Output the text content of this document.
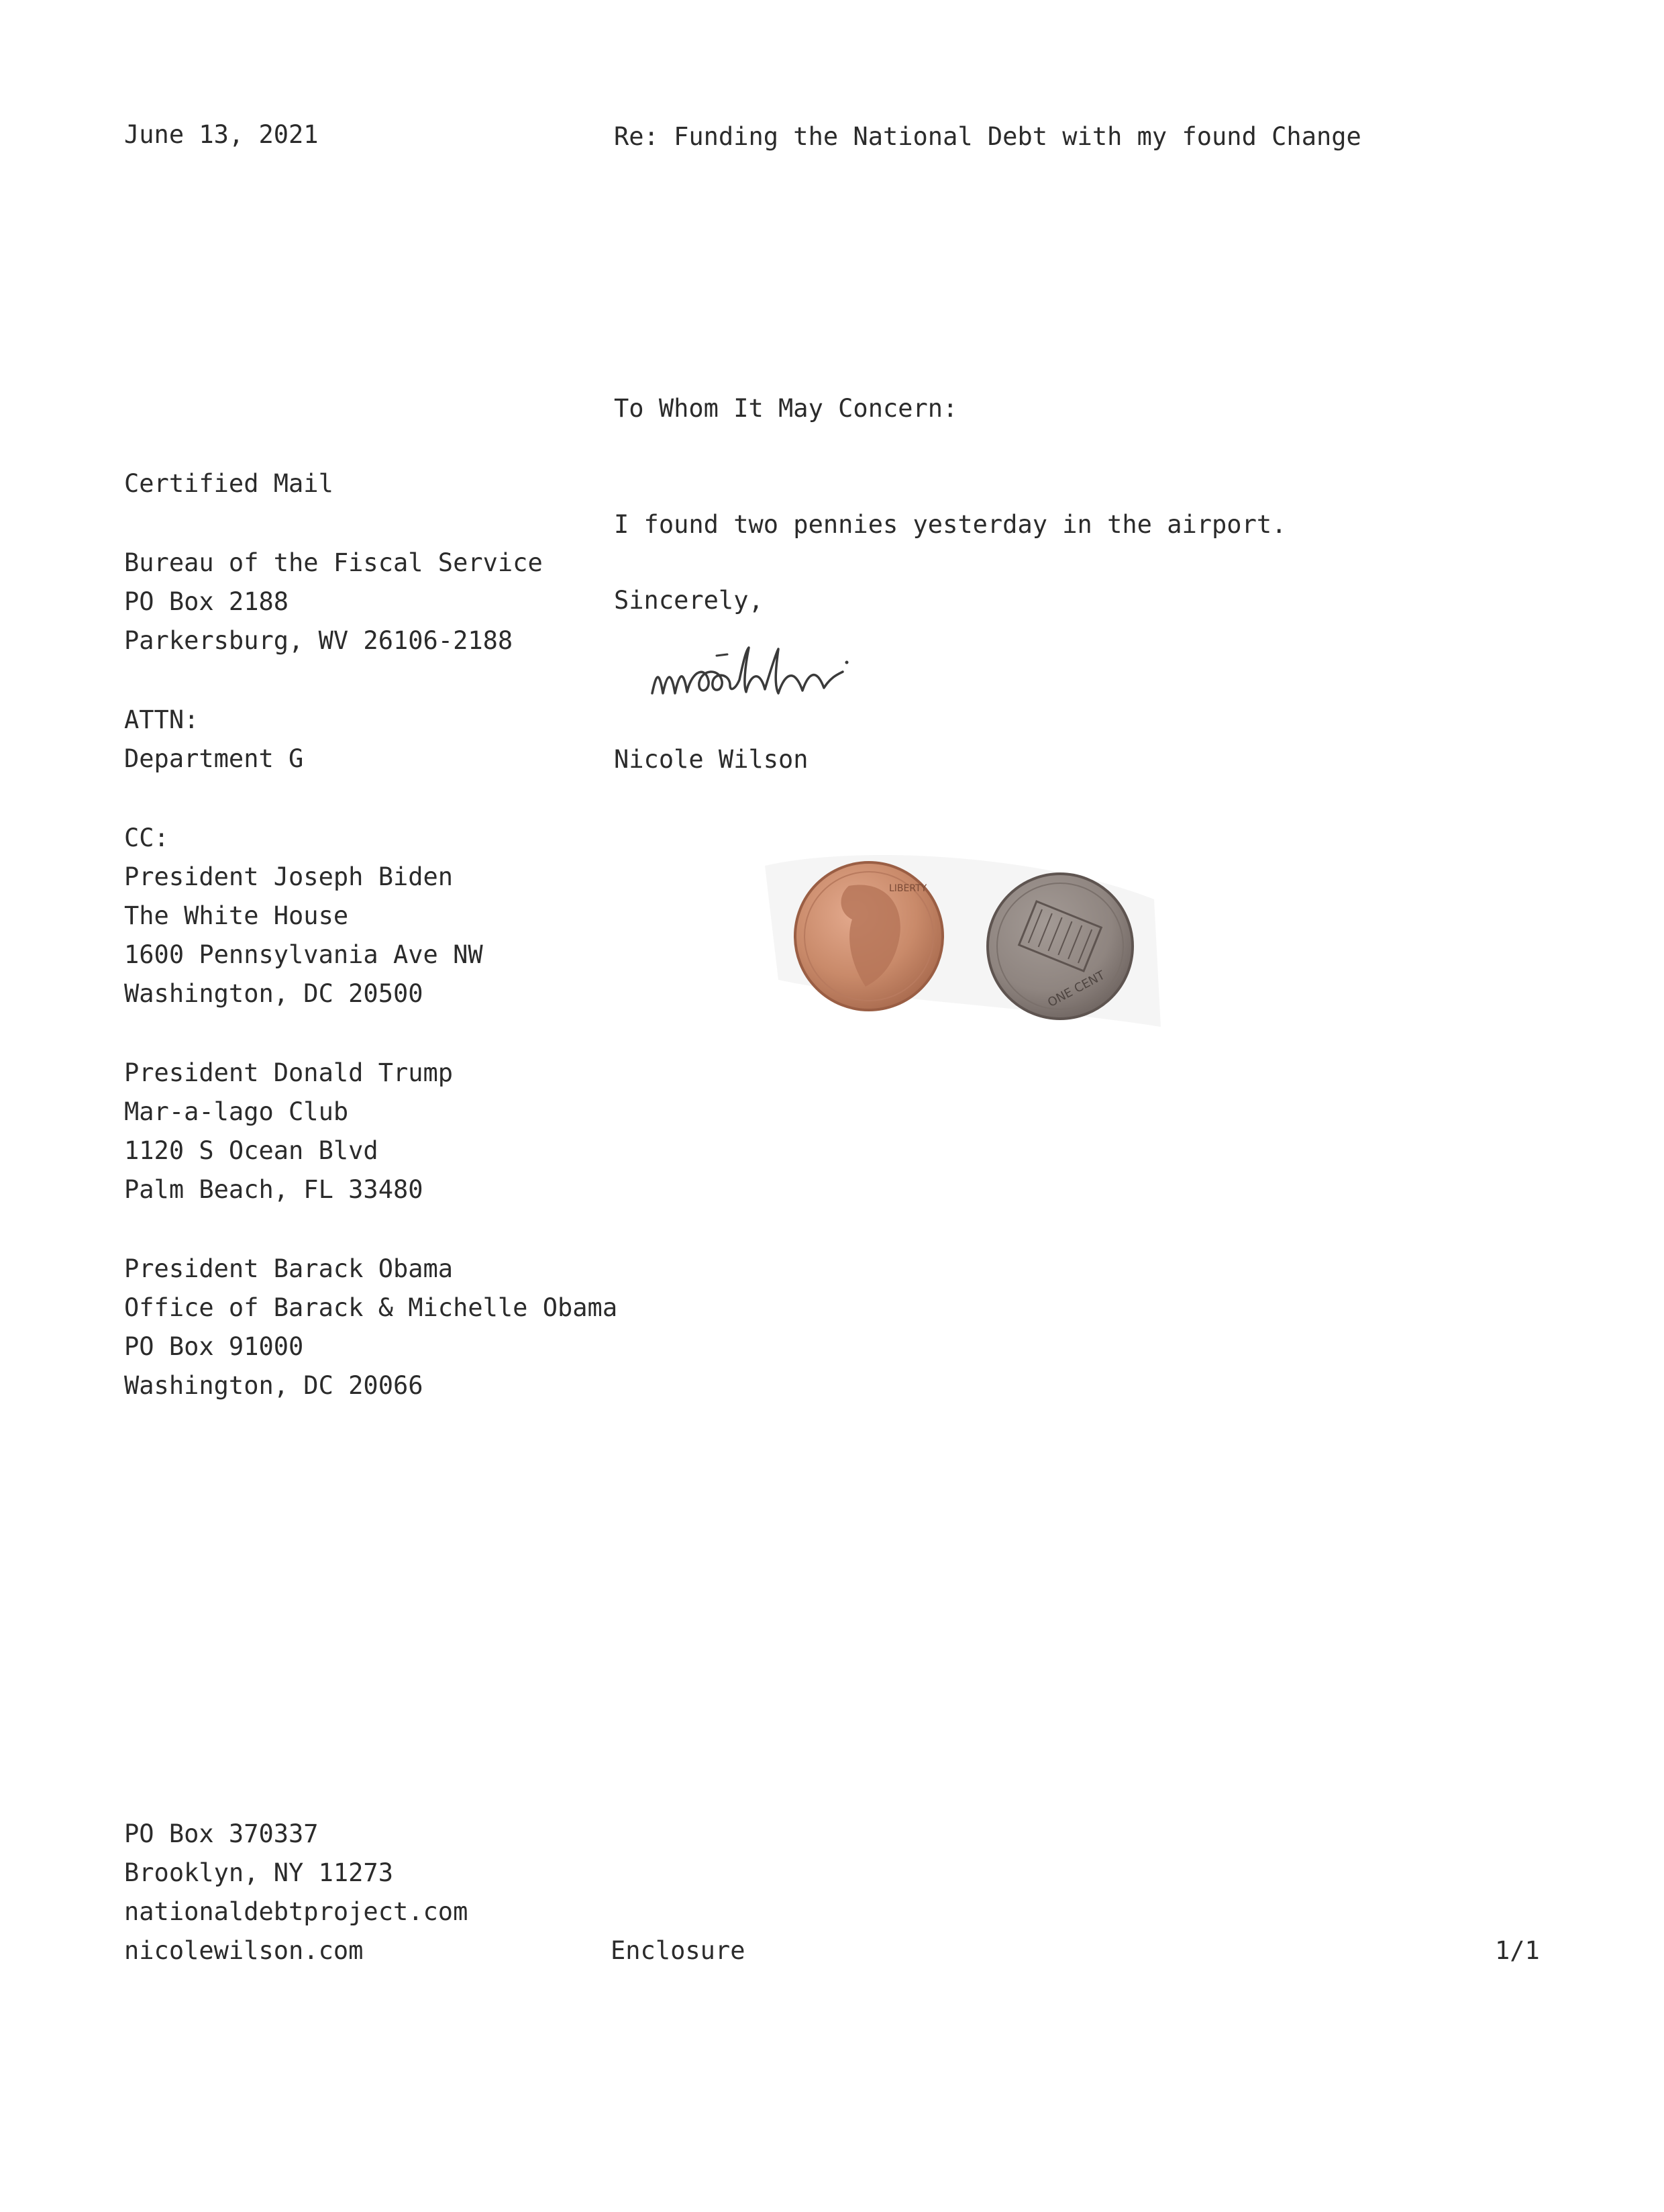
June 13, 2021	Re: Funding the National Debt with my found Change
To Whom It May Concern:
I found two pennies yesterday in the airport.
Sincerely,
Nicole Wilson
LIBERTY
ONE CENT
Certified Mail
Bureau of the Fiscal Service
PO Box 2188
Parkersburg, WV 26106-2188
ATTN:
Department G
CC:
President Joseph Biden
The White House
1600 Pennsylvania Ave NW
Washington, DC 20500
President Donald Trump
Mar-a-lago Club
1120 S Ocean Blvd
Palm Beach, FL 33480
President Barack Obama
Office of Barack & Michelle Obama
PO Box 91000
Washington, DC 20066
PO Box 370337
Brooklyn, NY 11273
nationaldebtproject.com
nicolewilson.com	Enclosure	1/1
